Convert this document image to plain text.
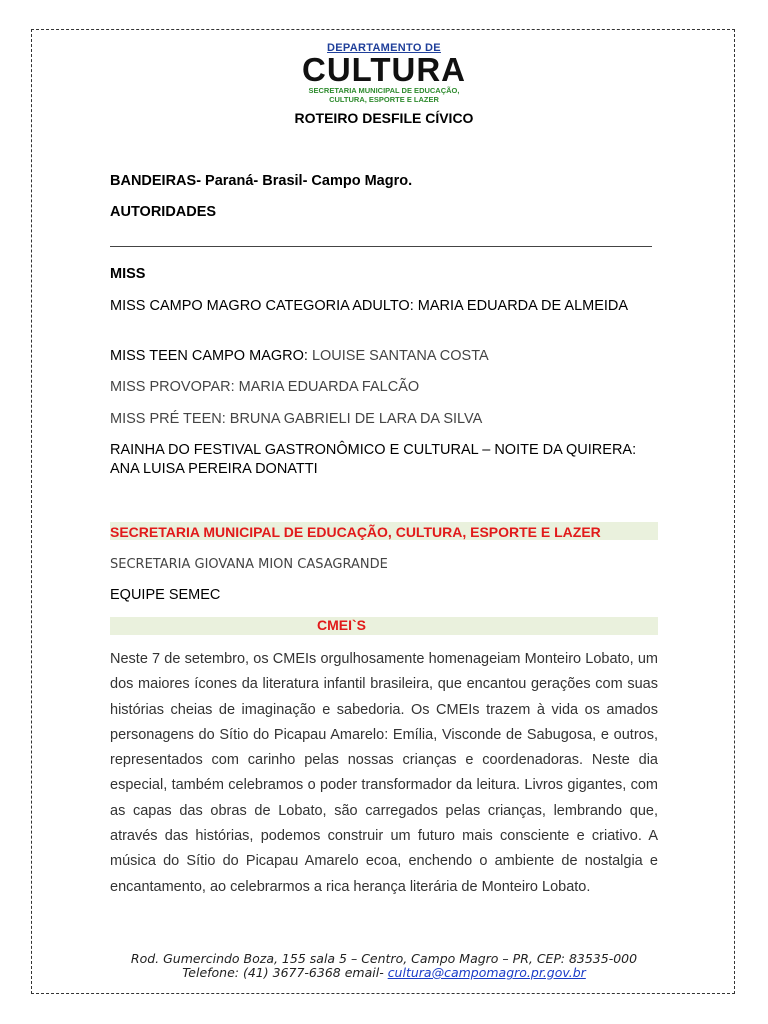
DEPARTAMENTO DE
CULTURA
SECRETARIA MUNICIPAL DE EDUCAÇÃO,
CULTURA, ESPORTE E LAZER
ROTEIRO DESFILE CÍVICO

BANDEIRAS- Paraná- Brasil- Campo Magro.

AUTORIDADES

MISS

MISS CAMPO MAGRO CATEGORIA ADULTO: MARIA EDUARDA DE ALMEIDA

MISS TEEN CAMPO MAGRO: LOUISE SANTANA COSTA

MISS PROVOPAR: MARIA EDUARDA FALCÃO

MISS PRÉ TEEN: BRUNA GABRIELI DE LARA DA SILVA

RAINHA DO FESTIVAL GASTRONÔMICO E CULTURAL – NOITE DA QUIRERA: ANA LUISA PEREIRA DONATTI

SECRETARIA MUNICIPAL DE EDUCAÇÃO, CULTURA, ESPORTE E LAZER

SECRETARIA GIOVANA MION CASAGRANDE

EQUIPE SEMEC

CMEI`S

Neste 7 de setembro, os CMEIs orgulhosamente homenageiam Monteiro Lobato, um dos maiores ícones da literatura infantil brasileira, que encantou gerações com suas histórias cheias de imaginação e sabedoria. Os CMEIs trazem à vida os amados personagens do Sítio do Picapau Amarelo: Emília, Visconde de Sabugosa, e outros, representados com carinho pelas nossas crianças e coordenadoras. Neste dia especial, também celebramos o poder transformador da leitura. Livros gigantes, com as capas das obras de Lobato, são carregados pelas crianças, lembrando que, através das histórias, podemos construir um futuro mais consciente e criativo. A música do Sítio do Picapau Amarelo ecoa, enchendo o ambiente de nostalgia e encantamento, ao celebrarmos a rica herança literária de Monteiro Lobato.

Rod. Gumercindo Boza, 155 sala 5 – Centro, Campo Magro – PR, CEP: 83535-000
Telefone: (41) 3677-6368 email- cultura@campomagro.pr.gov.br
